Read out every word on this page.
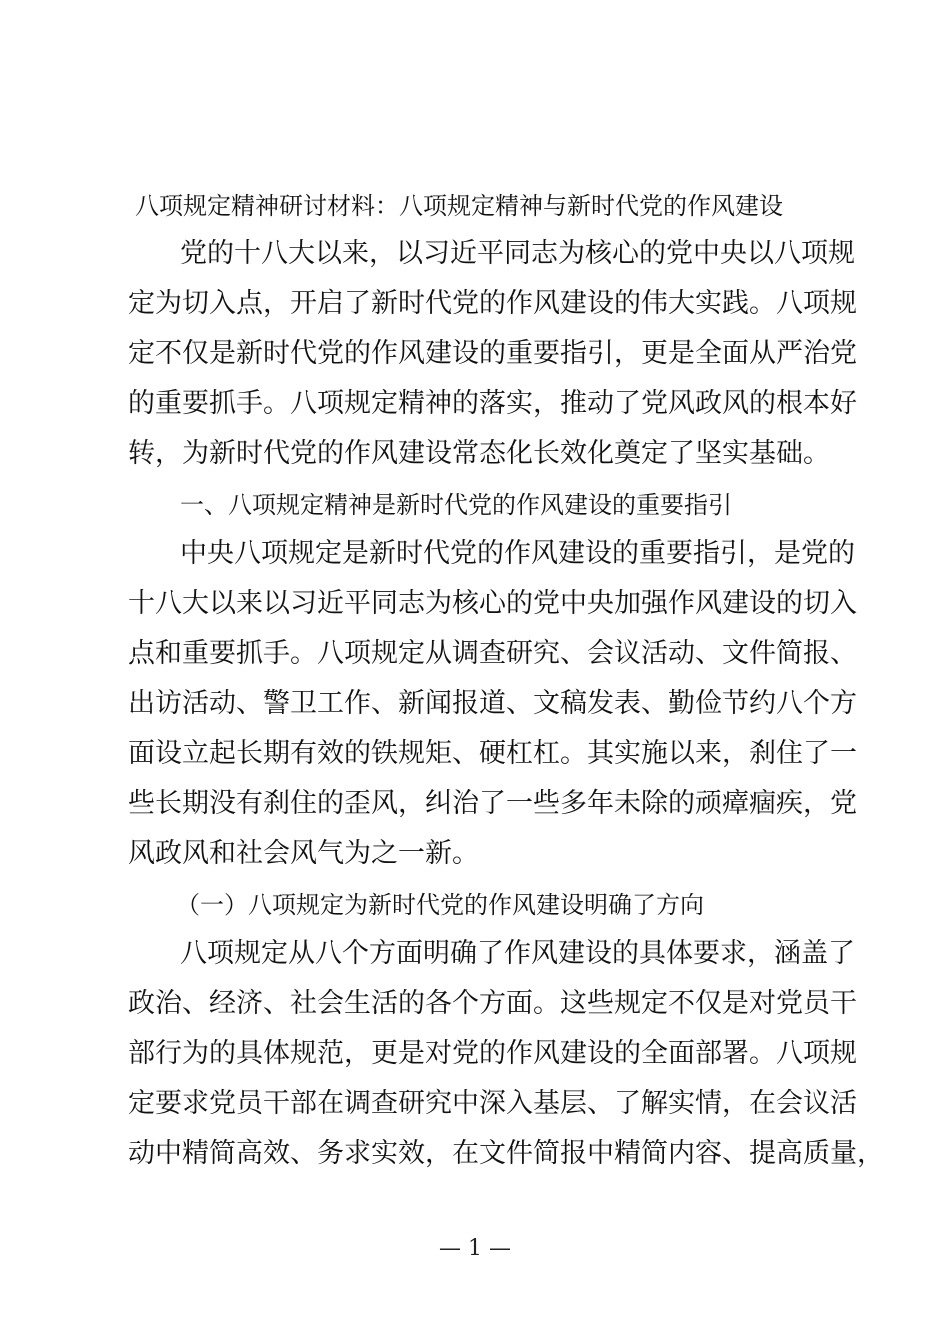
八项规定精神研讨材料：八项规定精神与新时代党的作风建设
党的十八大以来，以习近平同志为核心的党中央以八项规
定为切入点，开启了新时代党的作风建设的伟大实践。八项规
定不仅是新时代党的作风建设的重要指引，更是全面从严治党
的重要抓手。八项规定精神的落实，推动了党风政风的根本好
转，为新时代党的作风建设常态化长效化奠定了坚实基础。
一、八项规定精神是新时代党的作风建设的重要指引
中央八项规定是新时代党的作风建设的重要指引，是党的
十八大以来以习近平同志为核心的党中央加强作风建设的切入
点和重要抓手。八项规定从调查研究、会议活动、文件简报、
出访活动、警卫工作、新闻报道、文稿发表、勤俭节约八个方
面设立起长期有效的铁规矩、硬杠杠。其实施以来，刹住了一
些长期没有刹住的歪风，纠治了一些多年未除的顽瘴痼疾，党
风政风和社会风气为之一新。
（一）八项规定为新时代党的作风建设明确了方向
八项规定从八个方面明确了作风建设的具体要求，涵盖了
政治、经济、社会生活的各个方面。这些规定不仅是对党员干
部行为的具体规范，更是对党的作风建设的全面部署。八项规
定要求党员干部在调查研究中深入基层、了解实情，在会议活
动中精简高效、务求实效，在文件简报中精简内容、提高质量，
— 1 —
